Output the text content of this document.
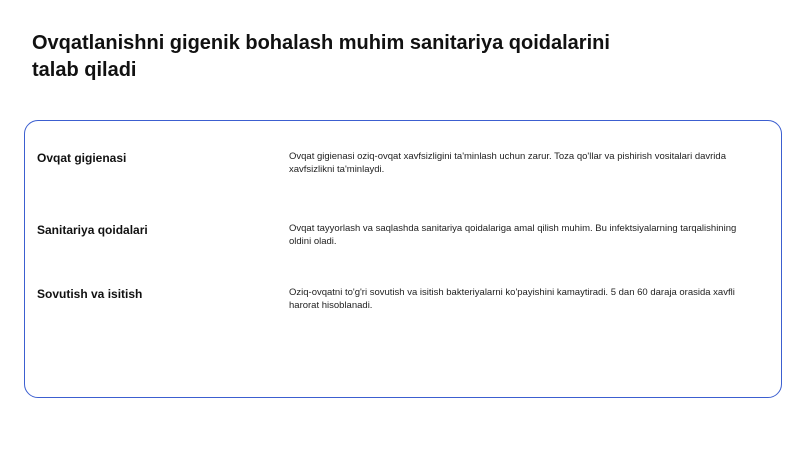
Ovqatlanishni gigenik bohalash muhim sanitariya qoidalarini talab qiladi
Ovqat gigienasi	Ovqat gigienasi oziq-ovqat xavfsizligini ta'minlash uchun zarur. Toza qo'llar va pishirish vositalari davrida xavfsizlikni ta'minlaydi.
Sanitariya qoidalari	Ovqat tayyorlash va saqlashda sanitariya qoidalariga amal qilish muhim. Bu infektsiyalarning tarqalishining oldini oladi.
Sovutish va isitish	Oziq-ovqatni to'g'ri sovutish va isitish bakteriyalarni ko'payishini kamaytiradi. 5 dan 60 daraja orasida xavfli harorat hisoblanadi.
